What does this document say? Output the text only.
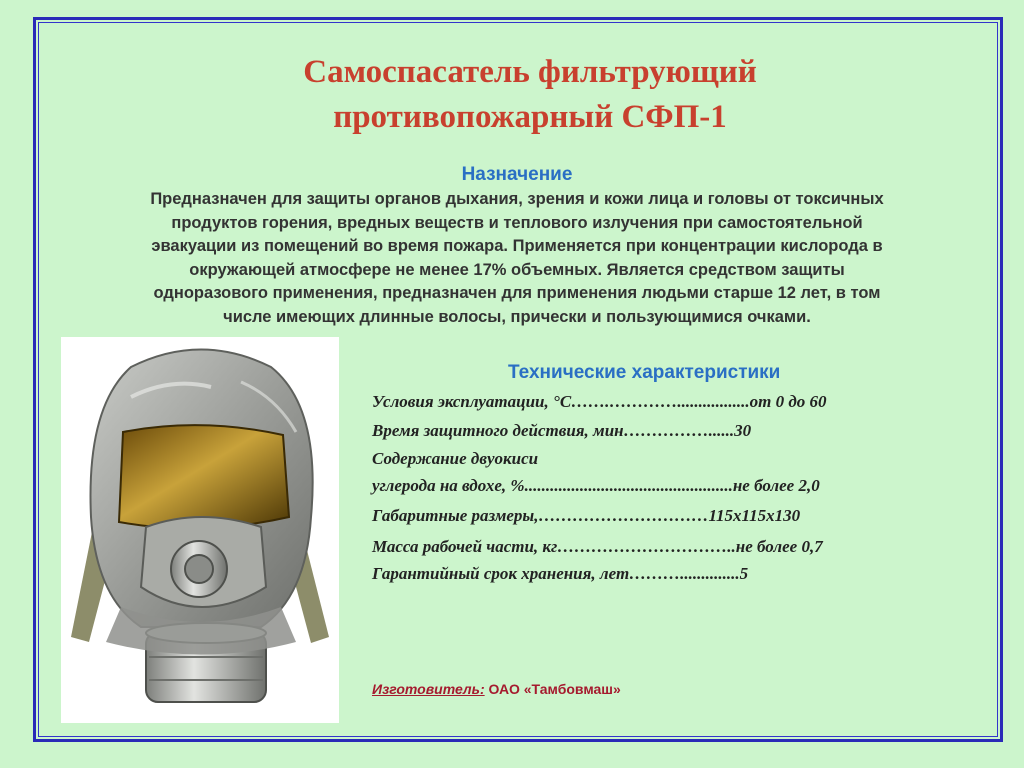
Самоспасатель фильтрующий
противопожарный СФП-1
Назначение

Предназначен для защиты органов дыхания, зрения и кожи лица и головы от токсичных
продуктов горения, вредных веществ и теплового излучения при самостоятельной
эвакуации из помещений во время пожара. Применяется при концентрации кислорода в
окружающей атмосфере не менее 17% объемных. Является средством защиты
одноразового применения, предназначен для применения людьми старше 12 лет, в том
числе имеющих длинные волосы, прически и пользующимися очками.

Технические характеристики

Условия эксплуатации, °С…….………….................от 0 до 60

Время защитного действия, мин……………......30

Содержание двуокиси

углерода на вдохе, %.................................................не более 2,0

Габаритные размеры,…………………………115х115х130

Масса рабочей части, кг…………………………..не более 0,7

Гарантийный срок хранения, лет………..............5

Изготовитель: ОАО «Тамбовмаш»
